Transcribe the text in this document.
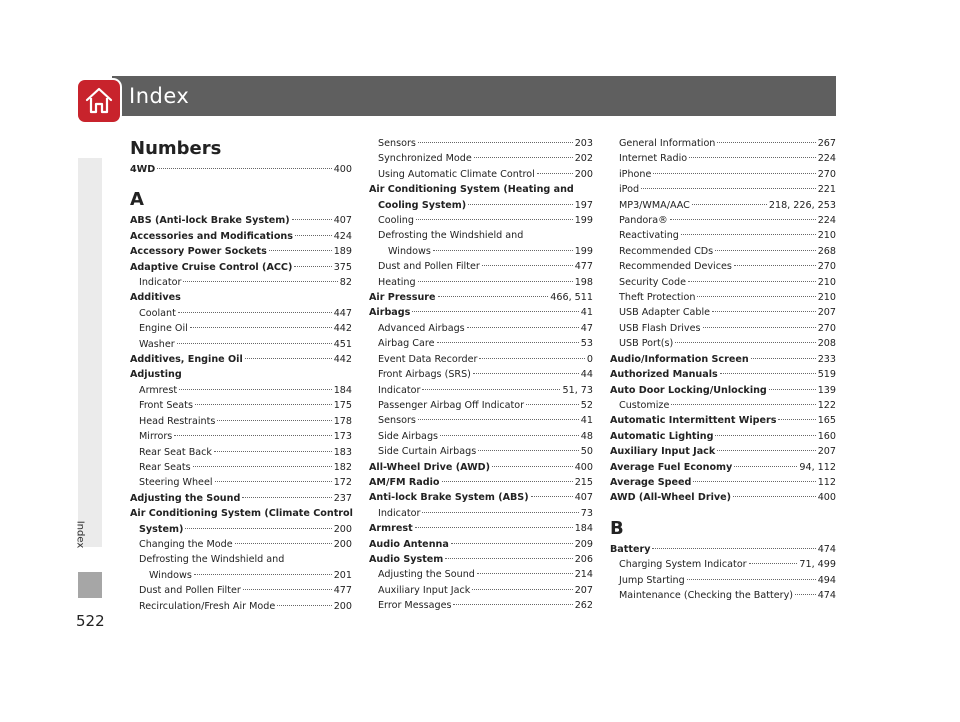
Index
Index
522
Numbers
4WD	400
A
ABS (Anti-lock Brake System)	407
Accessories and Modifications	424
Accessory Power Sockets	189
Adaptive Cruise Control (ACC)	375
Indicator	82
Additives
Coolant	447
Engine Oil	442
Washer	451
Additives, Engine Oil	442
Adjusting
Armrest	184
Front Seats	175
Head Restraints	178
Mirrors	173
Rear Seat Back	183
Rear Seats	182
Steering Wheel	172
Adjusting the Sound	237
Air Conditioning System (Climate Control
System)	200
Changing the Mode	200
Defrosting the Windshield and
Windows	201
Dust and Pollen Filter	477
Recirculation/Fresh Air Mode	200
Sensors	203
Synchronized Mode	202
Using Automatic Climate Control	200
Air Conditioning System (Heating and
Cooling System)	197
Cooling	199
Defrosting the Windshield and
Windows	199
Dust and Pollen Filter	477
Heating	198
Air Pressure	466, 511
Airbags	41
Advanced Airbags	47
Airbag Care	53
Event Data Recorder	0
Front Airbags (SRS)	44
Indicator	51, 73
Passenger Airbag Off Indicator	52
Sensors	41
Side Airbags	48
Side Curtain Airbags	50
All-Wheel Drive (AWD)	400
AM/FM Radio	215
Anti-lock Brake System (ABS)	407
Indicator	73
Armrest	184
Audio Antenna	209
Audio System	206
Adjusting the Sound	214
Auxiliary Input Jack	207
Error Messages	262
General Information	267
Internet Radio	224
iPhone	270
iPod	221
MP3/WMA/AAC	218, 226, 253
Pandora®	224
Reactivating	210
Recommended CDs	268
Recommended Devices	270
Security Code	210
Theft Protection	210
USB Adapter Cable	207
USB Flash Drives	270
USB Port(s)	208
Audio/Information Screen	233
Authorized Manuals	519
Auto Door Locking/Unlocking	139
Customize	122
Automatic Intermittent Wipers	165
Automatic Lighting	160
Auxiliary Input Jack	207
Average Fuel Economy	94, 112
Average Speed	112
AWD (All-Wheel Drive)	400
B
Battery	474
Charging System Indicator	71, 499
Jump Starting	494
Maintenance (Checking the Battery)	474
